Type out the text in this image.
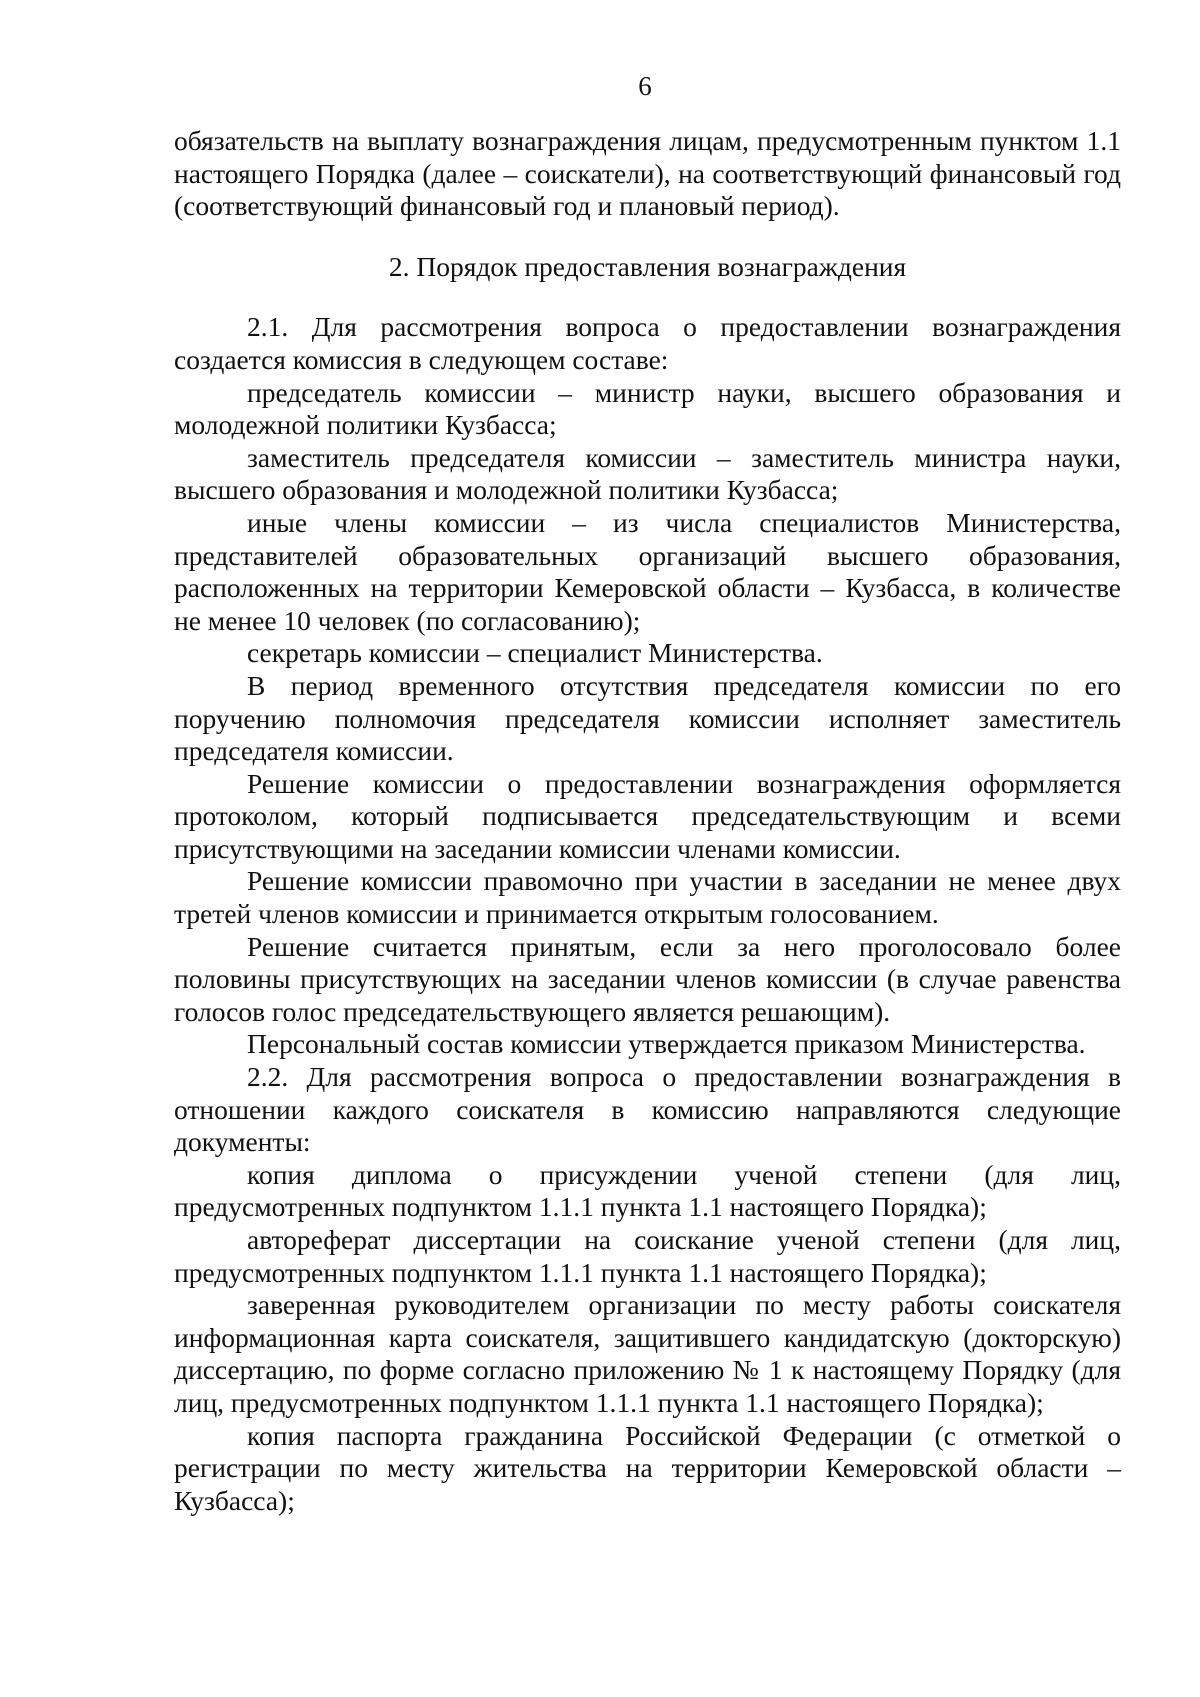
6

обязательств на выплату вознаграждения лицам, предусмотренным пунктом 1.1 настоящего Порядка (далее – соискатели), на соответствующий финансовый год (соответствующий финансовый год и плановый период).

2. Порядок предоставления вознаграждения

2.1. Для рассмотрения вопроса о предоставлении вознаграждения создается комиссия в следующем составе:

председатель комиссии – министр науки, высшего образования и молодежной политики Кузбасса;

заместитель председателя комиссии – заместитель министра науки, высшего образования и молодежной политики Кузбасса;

иные члены комиссии – из числа специалистов Министерства, представителей образовательных организаций высшего образования, расположенных на территории Кемеровской области – Кузбасса, в количестве не менее 10 человек (по согласованию);

секретарь комиссии – специалист Министерства.

В период временного отсутствия председателя комиссии по его поручению полномочия председателя комиссии исполняет заместитель председателя комиссии.

Решение комиссии о предоставлении вознаграждения оформляется протоколом, который подписывается председательствующим и всеми присутствующими на заседании комиссии членами комиссии.

Решение комиссии правомочно при участии в заседании не менее двух третей членов комиссии и принимается открытым голосованием.

Решение считается принятым, если за него проголосовало более половины присутствующих на заседании членов комиссии (в случае равенства голосов голос председательствующего является решающим).

Персональный состав комиссии утверждается приказом Министерства.

2.2. Для рассмотрения вопроса о предоставлении вознаграждения в отношении каждого соискателя в комиссию направляются следующие документы:

копия диплома о присуждении ученой степени (для лиц, предусмотренных подпунктом 1.1.1 пункта 1.1 настоящего Порядка);

автореферат диссертации на соискание ученой степени (для лиц, предусмотренных подпунктом 1.1.1 пункта 1.1 настоящего Порядка);

заверенная руководителем организации по месту работы соискателя информационная карта соискателя, защитившего кандидатскую (докторскую) диссертацию, по форме согласно приложению № 1 к настоящему Порядку (для лиц, предусмотренных подпунктом 1.1.1 пункта 1.1 настоящего Порядка);

копия паспорта гражданина Российской Федерации (с отметкой о регистрации по месту жительства на территории Кемеровской области – Кузбасса);
